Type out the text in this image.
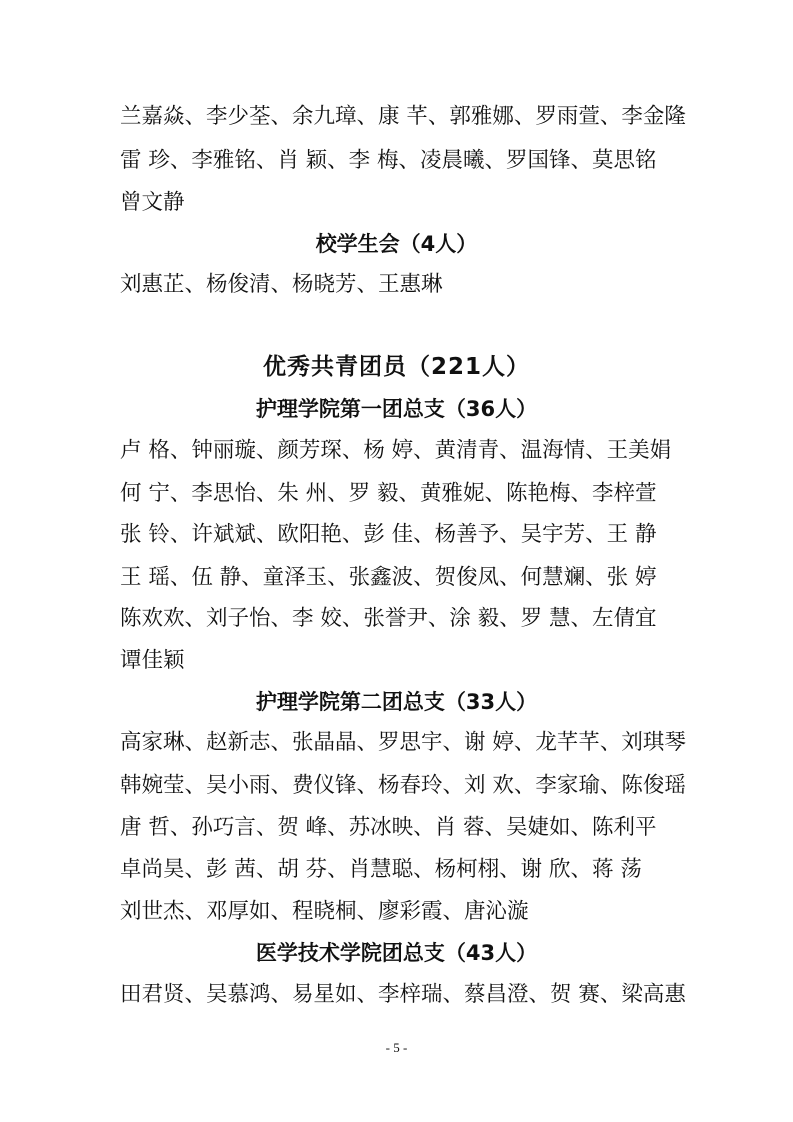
兰嘉焱、李少荃、余九璋、康 芊、郭雅娜、罗雨萱、李金隆
雷 珍、李雅铭、肖 颖、李 梅、凌晨曦、罗国锋、莫思铭
曾文静
校学生会（4人）
刘惠芷、杨俊清、杨晓芳、王惠琳
优秀共青团员（221人）
护理学院第一团总支（36人）
卢 格、钟丽璇、颜芳琛、杨 婷、黄清青、温海情、王美娟
何 宁、李思怡、朱 州、罗 毅、黄雅妮、陈艳梅、李梓萱
张 铃、许斌斌、欧阳艳、彭 佳、杨善予、吴宇芳、王 静
王 瑶、伍 静、童泽玉、张鑫波、贺俊凤、何慧斓、张 婷
陈欢欢、刘子怡、李 姣、张誉尹、涂 毅、罗 慧、左倩宜
谭佳颖
护理学院第二团总支（33人）
高家琳、赵新志、张晶晶、罗思宇、谢 婷、龙芊芊、刘琪琴
韩婉莹、吴小雨、费仪锋、杨春玲、刘 欢、李家瑜、陈俊瑶
唐 哲、孙巧言、贺 峰、苏冰映、肖 蓉、吴婕如、陈利平
卓尚昊、彭 茜、胡 芬、肖慧聪、杨柯栩、谢 欣、蒋 荡
刘世杰、邓厚如、程晓桐、廖彩霞、唐沁漩
医学技术学院团总支（43人）
田君贤、吴慕鸿、易星如、李梓瑞、蔡昌澄、贺 赛、梁高惠
- 5 -
